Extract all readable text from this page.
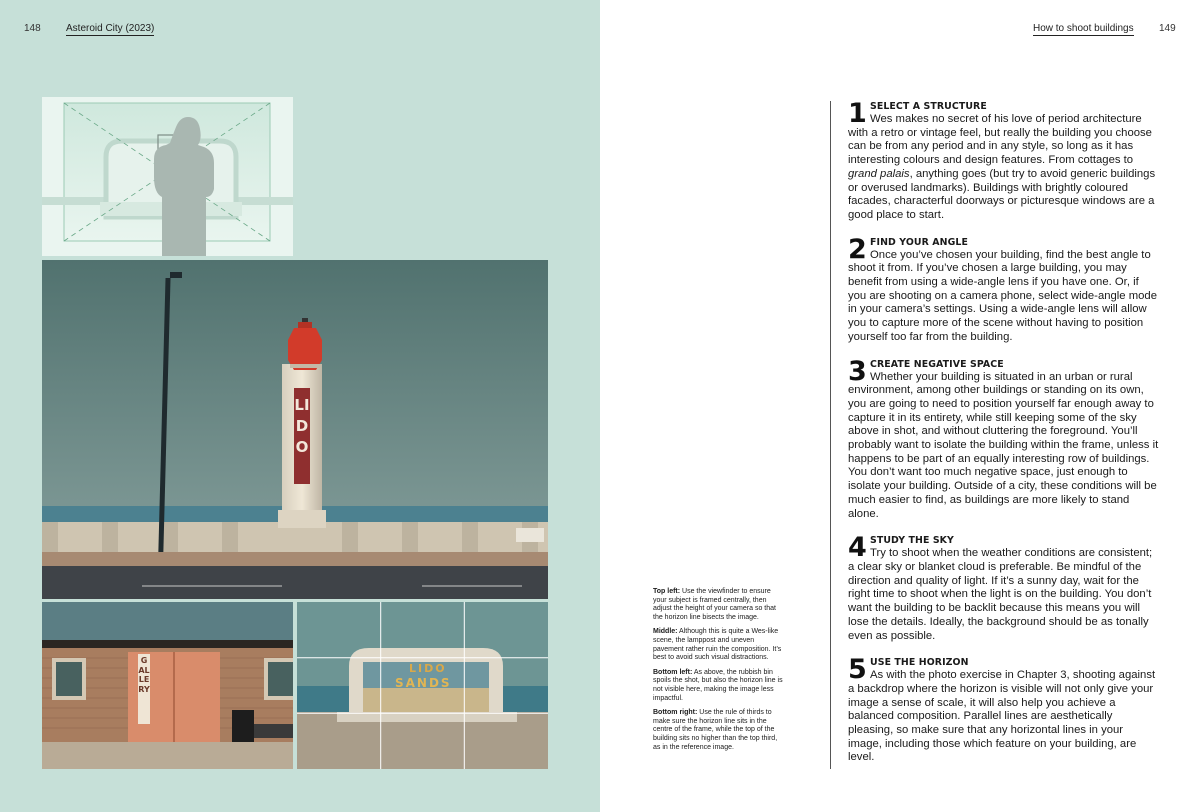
148	Asteroid City (2023)
LIDO
GALLERY
LIDO
SANDS
How to shoot buildings	149

Top left: Use the viewfinder to ensure your subject is framed centrally, then adjust the height of your camera so that the horizon line bisects the image.

Middle: Although this is quite a Wes-like scene, the lamppost and uneven pavement rather ruin the composition. It’s best to avoid such visual distractions.

Bottom left: As above, the rubbish bin spoils the shot, but also the horizon line is not visible here, making the image less impactful.

Bottom right: Use the rule of thirds to make sure the horizon line sits in the centre of the frame, while the top of the building sits no higher than the top third, as in the reference image.

1 SELECT A STRUCTURE

Wes makes no secret of his love of period architecture with a retro or vintage feel, but really the building you choose can be from any period and in any style, so long as it has interesting colours and design features. From cottages to grand palais, anything goes (but try to avoid generic buildings or overused landmarks). Buildings with brightly coloured facades, characterful doorways or picturesque windows are a good place to start.

2 FIND YOUR ANGLE

Once you’ve chosen your building, find the best angle to shoot it from. If you’ve chosen a large building, you may benefit from using a wide-angle lens if you have one. Or, if you are shooting on a camera phone, select wide-angle mode in your camera’s settings. Using a wide-angle lens will allow you to capture more of the scene without having to position yourself too far from the building.

3 CREATE NEGATIVE SPACE

Whether your building is situated in an urban or rural environment, among other buildings or standing on its own, you are going to need to position yourself far enough away to capture it in its entirety, while still keeping some of the sky above in shot, and without cluttering the foreground. You’ll probably want to isolate the building within the frame, unless it happens to be part of an equally interesting row of buildings. You don’t want too much negative space, just enough to isolate your building. Outside of a city, these conditions will be much easier to find, as buildings are more likely to stand alone.

4 STUDY THE SKY

Try to shoot when the weather conditions are consistent; a clear sky or blanket cloud is preferable. Be mindful of the direction and quality of light. If it’s a sunny day, wait for the right time to shoot when the light is on the building. You don’t want the building to be backlit because this means you will lose the details. Ideally, the background should be as tonally even as possible.

5 USE THE HORIZON

As with the photo exercise in Chapter 3, shooting against a backdrop where the horizon is visible will not only give your image a sense of scale, it will also help you achieve a balanced composition. Parallel lines are aesthetically pleasing, so make sure that any horizontal lines in your image, including those which feature on your building, are level.
